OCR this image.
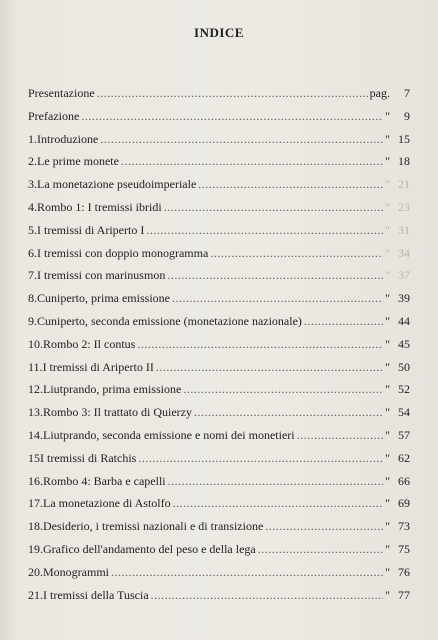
INDICE
Presentazione .....	pag. 7
Prefazione .....	" 9
1. Introduzione .....	" 15
2. Le prime monete .....	" 18
3. La monetazione pseudoimperiale .....	" 21
4. Rombo 1: I tremissi ibridi .....	" 23
5. I tremissi di Ariperto I .....	" 31
6. I tremissi con doppio monogramma .....	" 34
7. I tremissi con marinusmon .....	" 37
8. Cuniperto, prima emissione .....	" 39
9. Cuniperto, seconda emissione (monetazione nazionale) .....	" 44
10. Rombo 2: Il contus .....	" 45
11. I tremissi di Ariperto II .....	" 50
12. Liutprando, prima emissione .....	" 52
13. Rombo 3: Il trattato di Quierzy .....	" 54
14. Liutprando, seconda emissione e nomi dei monetieri .....	" 57
15 I tremissi di Ratchis .....	" 62
16. Rombo 4: Barba e capelli .....	" 66
17. La monetazione di Astolfo .....	" 69
18. Desiderio, i tremissi nazionali e di transizione .....	" 73
19. Grafico dell'andamento del peso e della lega .....	" 75
20. Monogrammi .....	" 76
21. I tremissi della Tuscia .....	" 77
